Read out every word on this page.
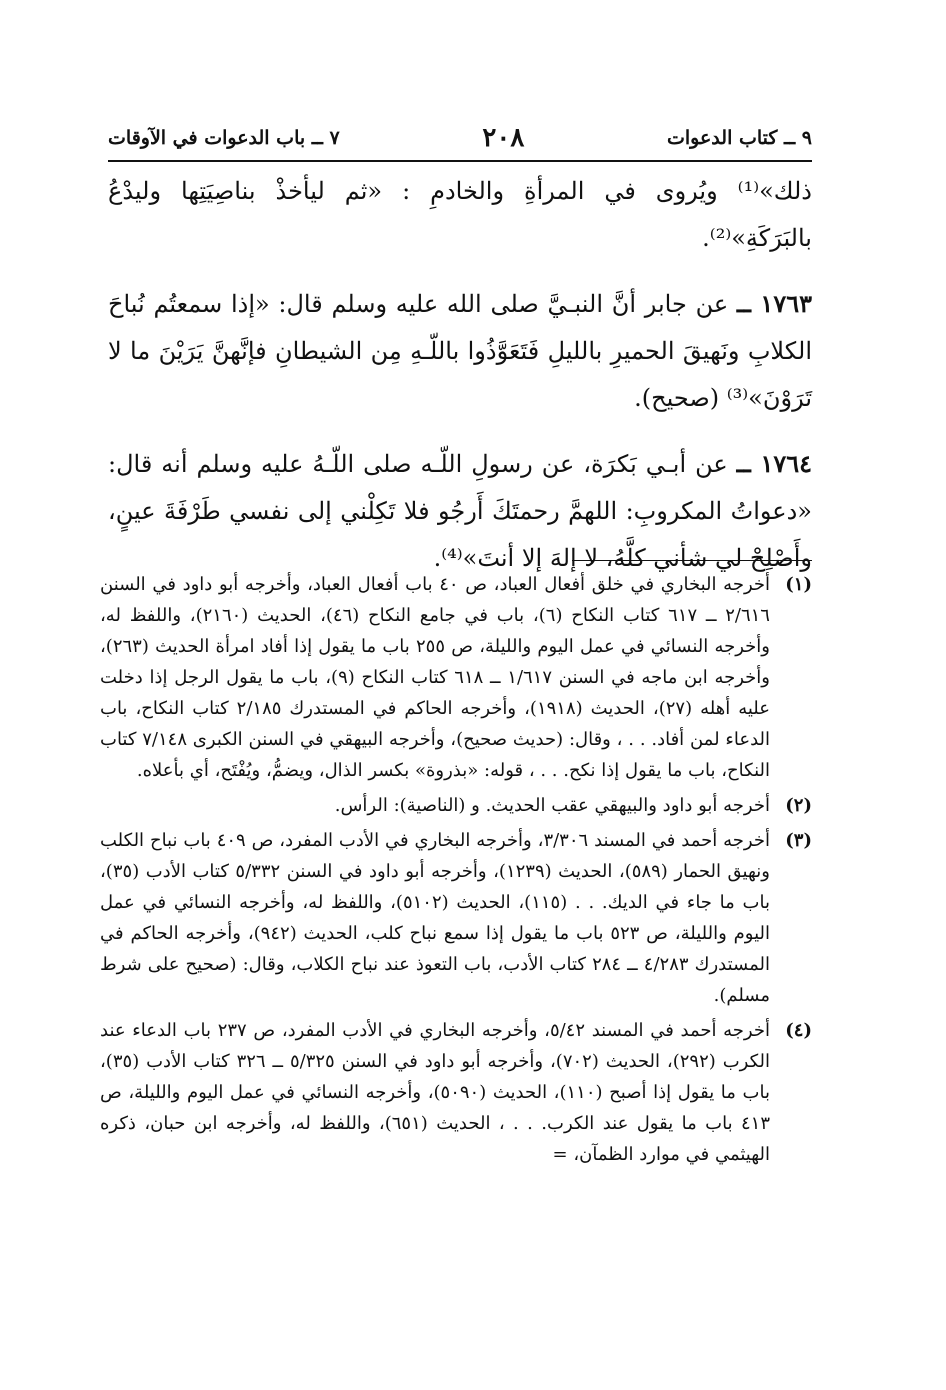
٩ ــ كتاب الدعوات
٢٠٨
٧ ــ باب الدعوات في الآوقات

ذلك»⁽¹⁾ ويُروى في المرأةِ والخادمِ : «ثم ليأخذْ بناصِيَتِها وليدْعُ بالبَرَكَةِ»⁽²⁾.

١٧٦٣ ــ عن جابر أنَّ النبـيَّ صلى الله عليه وسلم قال: «إذا سمعتُم نُباحَ الكلابِ ونَهيقَ الحميرِ بالليلِ فَتَعَوَّذُوا باللّـهِ مِن الشيطانِ فإنَّهنَّ يَرَيْنَ ما لا تَرَوْنَ»⁽³⁾ (صحيح).

١٧٦٤ ــ عن أبـي بَكرَة، عن رسولِ اللّـه صلى اللّـهُ عليه وسلم أنه قال: «دعواتُ المكروبِ: اللهمَّ رحمتَكَ أَرجُو فلا تَكِلْني إلى نفسي طَرْفَةَ عينٍ، وأَصْلِحْ لي شأني كلَّهُ، لا إلهَ إلا أنتَ»⁽⁴⁾.

(١)
أخرجه البخاري في خلق أفعال العباد، ص ٤٠ باب أفعال العباد، وأخرجه أبو داود في السنن ٢/٦١٦ ــ ٦١٧ كتاب النكاح (٦)، باب في جامع النكاح (٤٦)، الحديث (٢١٦٠)، واللفظ له، وأخرجه النسائي في عمل اليوم والليلة، ص ٢٥٥ باب ما يقول إذا أفاد امرأة الحديث (٢٦٣)، وأخرجه ابن ماجه في السنن ١/٦١٧ ــ ٦١٨ كتاب النكاح (٩)، باب ما يقول الرجل إذا دخلت عليه أهله (٢٧)، الحديث (١٩١٨)، وأخرجه الحاكم في المستدرك ٢/١٨٥ كتاب النكاح، باب الدعاء لمن أفاد. . . ، وقال: (حديث صحيح)، وأخرجه البيهقي في السنن الكبرى ٧/١٤٨ كتاب النكاح، باب ما يقول إذا نكح. . . ، قوله: «بذروة» بكسر الذال، ويضمُّ، ويُفْتَح، أي بأعلاه.
(٢)
أخرجه أبو داود والبيهقي عقب الحديث. و (الناصية): الرأس.
(٣)
أخرجه أحمد في المسند ٣/٣٠٦، وأخرجه البخاري في الأدب المفرد، ص ٤٠٩ باب نباح الكلب ونهيق الحمار (٥٨٩)، الحديث (١٢٣٩)، وأخرجه أبو داود في السنن ٥/٣٣٢ كتاب الأدب (٣٥)، باب ما جاء في الديك. . . (١١٥)، الحديث (٥١٠٢)، واللفظ له، وأخرجه النسائي في عمل اليوم والليلة، ص ٥٢٣ باب ما يقول إذا سمع نباح كلب، الحديث (٩٤٢)، وأخرجه الحاكم في المستدرك ٤/٢٨٣ ــ ٢٨٤ كتاب الأدب، باب التعوذ عند نباح الكلاب، وقال: (صحيح على شرط مسلم).
(٤)
أخرجه أحمد في المسند ٥/٤٢، وأخرجه البخاري في الأدب المفرد، ص ٢٣٧ باب الدعاء عند الكرب (٢٩٢)، الحديث (٧٠٢)، وأخرجه أبو داود في السنن ٥/٣٢٥ ــ ٣٢٦ كتاب الأدب (٣٥)، باب ما يقول إذا أصبح (١١٠)، الحديث (٥٠٩٠)، وأخرجه النسائي في عمل اليوم والليلة، ص ٤١٣ باب ما يقول عند الكرب. . . ، الحديث (٦٥١)، واللفظ له، وأخرجه ابن حبان، ذكره الهيثمي في موارد الظمآن، =
